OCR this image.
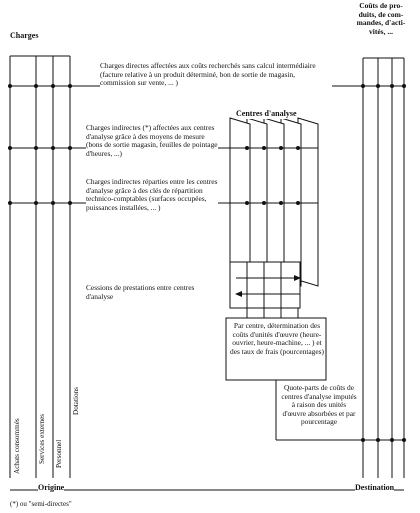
Charges
Coûts de pro- duits, de com- mandes, d'acti- vités, ...
Achats consommés Services externes Personnel
Dotations
Centres d'analyse
Charges directes affectées aux coûts recherchés sans calcul intermédiaire (facture relative à un produit déterminé, bon de sortie de magasin, commission sur vente, ... )
Charges indirectes (*) affectées aux centres d'analyse grâce à des moyens de mesure (bons de sortie magasin, feuilles de pointage d'heures, ...)
Charges indirectes réparties entre les centres d'analyse grâce à des clés de répartition technico-comptables (surfaces occupées, puissances installées, ... )
Cessions de prestations entre centres d'analyse
Par centre, détermination des coûts d'unités d'œuvre (heure-ouvrier, heure-machine, ... ) et des taux de frais (pourcentages)
Quote-parts de coûts de centres d'analyse imputés à raison des unités d'œuvre absorbées et par pourcentage
Origine	Destination
(*) ou "semi-directes"
